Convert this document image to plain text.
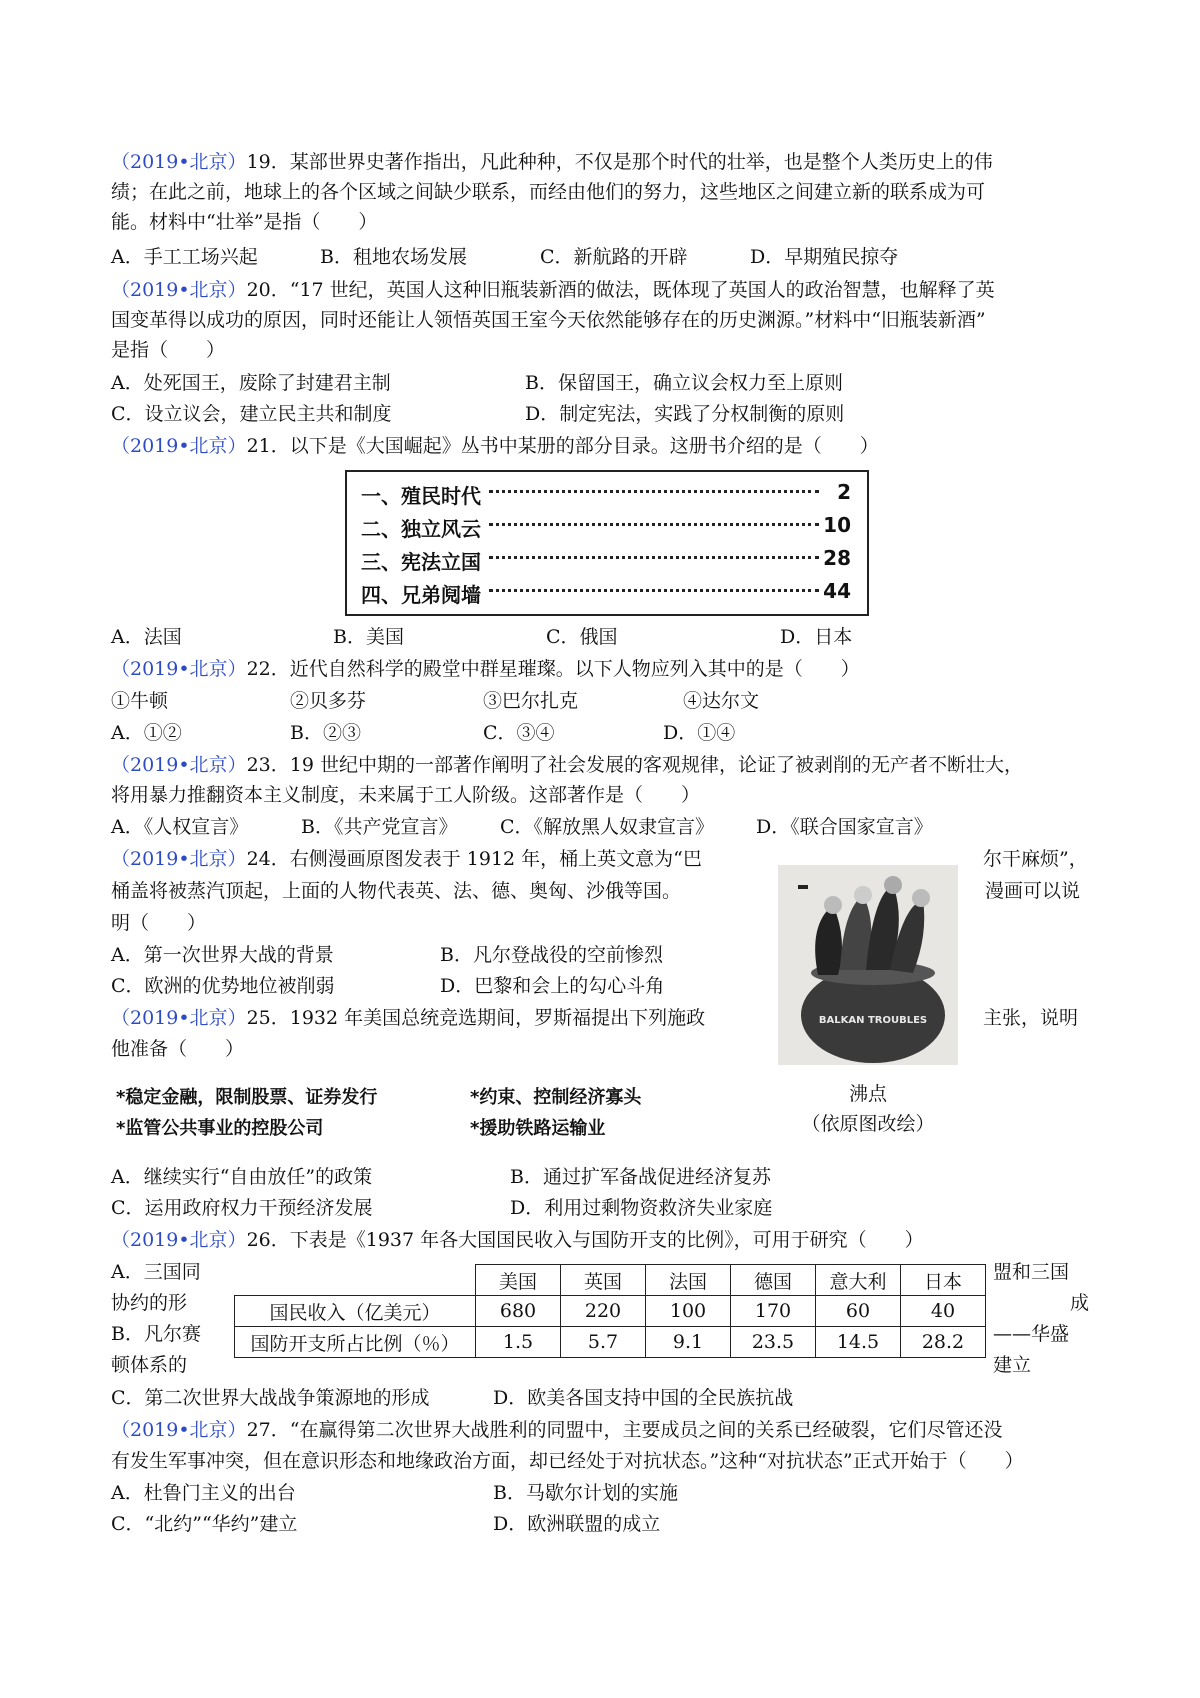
（2019•北京）19．某部世界史著作指出，凡此种种，不仅是那个时代的壮举，也是整个人类历史上的伟
绩；在此之前，地球上的各个区域之间缺少联系，而经由他们的努力，这些地区之间建立新的联系成为可
能。材料中“壮举”是指（　　）
A．手工工场兴起	B．租地农场发展	C．新航路的开辟	D．早期殖民掠夺
（2019•北京）20．“17 世纪，英国人这种旧瓶装新酒的做法，既体现了英国人的政治智慧，也解释了英
国变革得以成功的原因，同时还能让人领悟英国王室今天依然能够存在的历史渊源。”材料中“旧瓶装新酒”
是指（　　）
A．处死国王，废除了封建君主制	B．保留国王，确立议会权力至上原则
C．设立议会，建立民主共和制度	D．制定宪法，实践了分权制衡的原则
（2019•北京）21．以下是《大国崛起》丛书中某册的部分目录。这册书介绍的是（　　）
一、殖民时代	2
二、独立风云	10
三、宪法立国	28
四、兄弟阋墙	44
A．法国	B．美国	C．俄国	D．日本
（2019•北京）22．近代自然科学的殿堂中群星璀璨。以下人物应列入其中的是（　　）
①牛顿	②贝多芬	③巴尔扎克	④达尔文
A．①②	B．②③	C．③④	D．①④
（2019•北京）23．19 世纪中期的一部著作阐明了社会发展的客观规律，论证了被剥削的无产者不断壮大，
将用暴力推翻资本主义制度，未来属于工人阶级。这部著作是（　　）
A．《人权宣言》	B．《共产党宣言》 C．《解放黑人奴隶宣言》 D．《联合国家宣言》
（2019•北京）24．右侧漫画原图发表于 1912 年，桶上英文意为“巴	尔干麻烦”，
桶盖将被蒸汽顶起，上面的人物代表英、法、德、奥匈、沙俄等国。	漫画可以说
明（　　）
A．第一次世界大战的背景	B．凡尔登战役的空前惨烈
C．欧洲的优势地位被削弱	D．巴黎和会上的勾心斗角
BALKAN TROUBLES
沸点
（依原图改绘）
（2019•北京）25．1932 年美国总统竞选期间，罗斯福提出下列施政	主张，说明
他准备（　　）
*稳定金融，限制股票、证券发行	*约束、控制经济寡头
*监管公共事业的控股公司	*援助铁路运输业
A．继续实行“自由放任”的政策	B．通过扩军备战促进经济复苏
C．运用政府权力干预经济发展	D．利用过剩物资救济失业家庭
（2019•北京）26．下表是《1937 年各大国国民收入与国防开支的比例》，可用于研究（　　）
A．三国同
协约的形
B．凡尔赛
顿体系的
盟和三国
成
——华盛
建立
	美国	英国	法国	德国	意大利	日本
国民收入（亿美元）	680	220	100	170	60	40
国防开支所占比例（％）	1.5	5.7	9.1	23.5	14.5	28.2
C．第二次世界大战战争策源地的形成	D．欧美各国支持中国的全民族抗战
（2019•北京）27．“在赢得第二次世界大战胜利的同盟中，主要成员之间的关系已经破裂，它们尽管还没
有发生军事冲突，但在意识形态和地缘政治方面，却已经处于对抗状态。”这种“对抗状态”正式开始于（　　）
A．杜鲁门主义的出台	B．马歇尔计划的实施
C．“北约”“华约”建立	D．欧洲联盟的成立
